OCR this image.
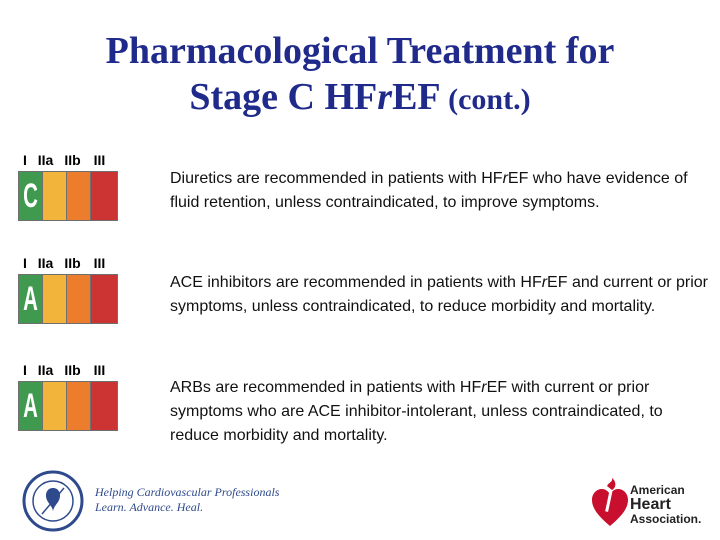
Pharmacological Treatment for
Stage C HFrEF (cont.)
I IIa IIb III
C	Diuretics are recommended in patients with HFrEF who have evidence of fluid retention, unless contraindicated, to improve symptoms.
I IIa IIb III
A	ACE inhibitors are recommended in patients with HFrEF and current or prior symptoms, unless contraindicated, to reduce morbidity and mortality.
I IIa IIb III
A	ARBs are recommended in patients with HFrEF with current or prior symptoms who are ACE inhibitor-intolerant, unless contraindicated, to reduce morbidity and mortality.
Helping Cardiovascular Professionals
Learn. Advance. Heal.
American
Heart
Association.
